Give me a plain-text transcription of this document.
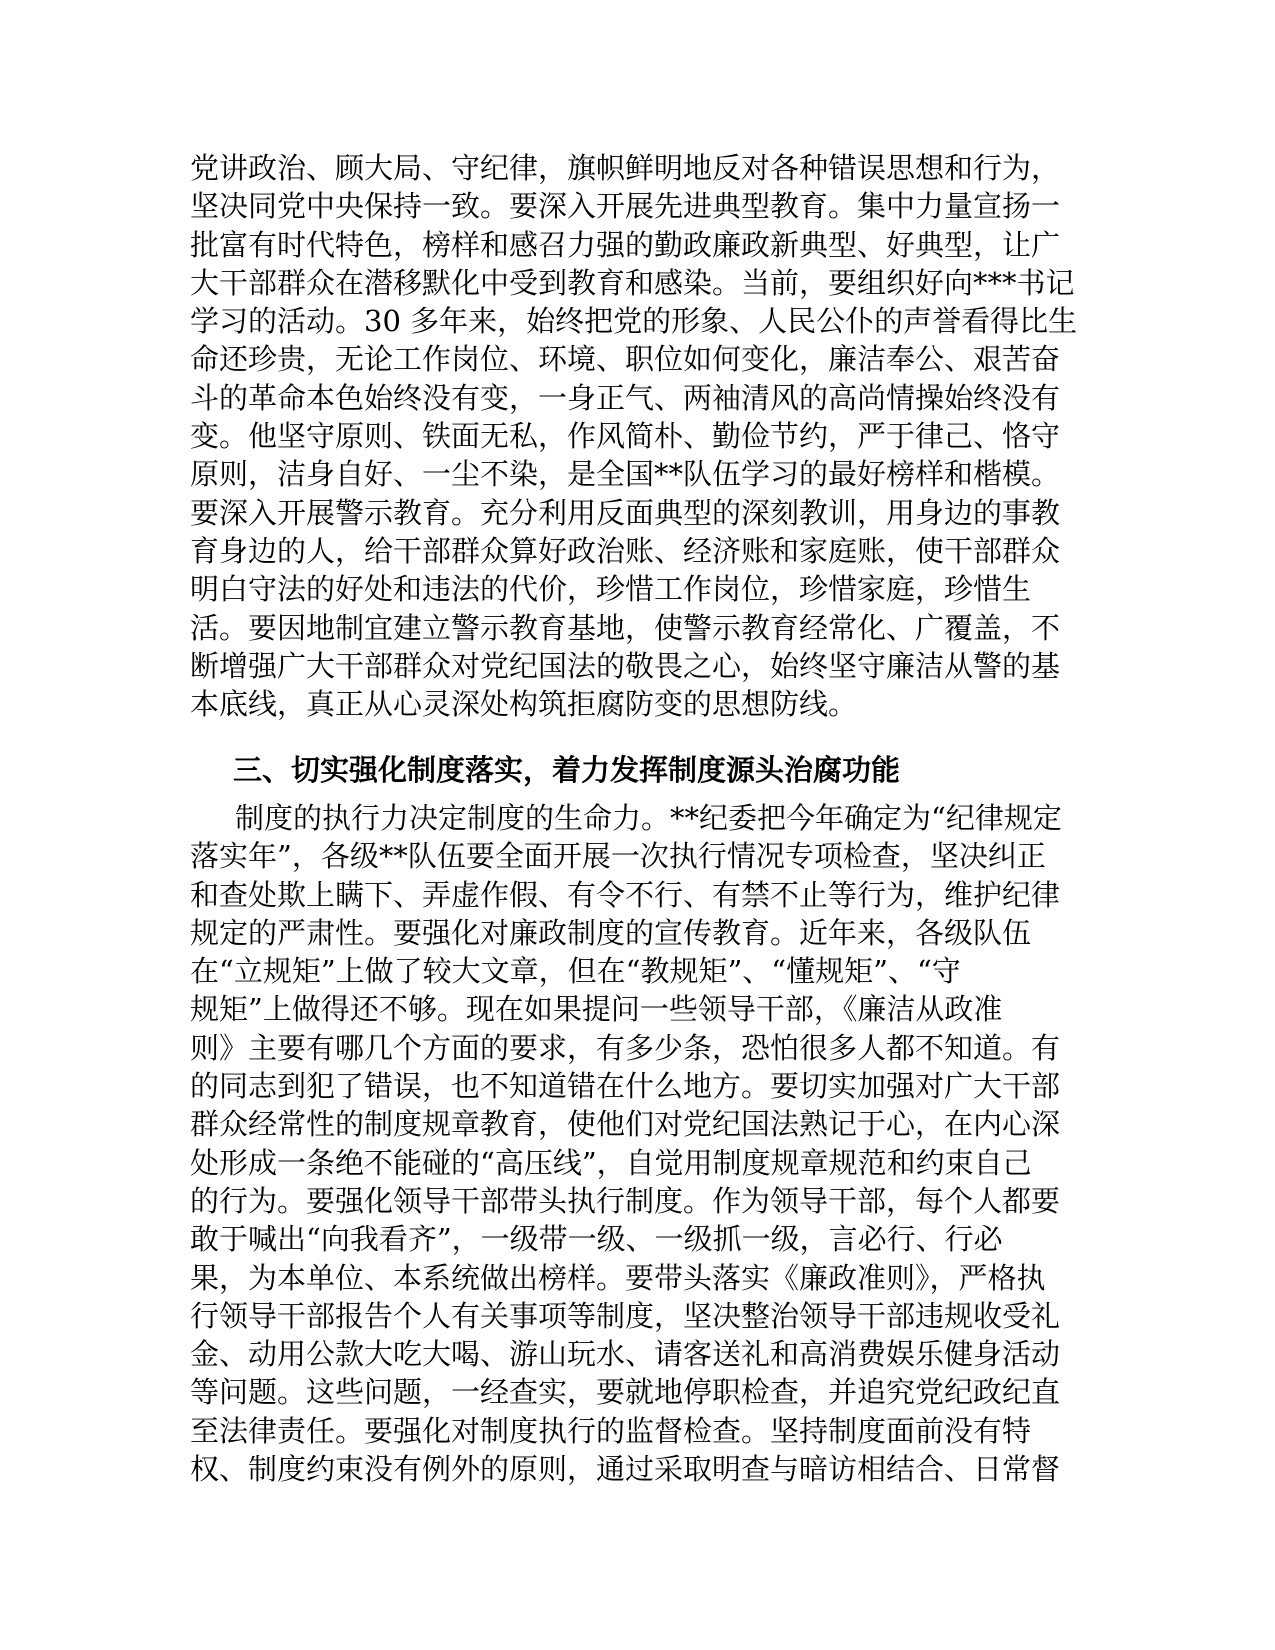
党讲政治、顾大局、守纪律，旗帜鲜明地反对各种错误思想和行为，
坚决同党中央保持一致。要深入开展先进典型教育。集中力量宣扬一
批富有时代特色，榜样和感召力强的勤政廉政新典型、好典型，让广
大干部群众在潜移默化中受到教育和感染。当前，要组织好向***书记
学习的活动。30 多年来，始终把党的形象、人民公仆的声誉看得比生
命还珍贵，无论工作岗位、环境、职位如何变化，廉洁奉公、艰苦奋
斗的革命本色始终没有变，一身正气、两袖清风的高尚情操始终没有
变。他坚守原则、铁面无私，作风简朴、勤俭节约，严于律己、恪守
原则，洁身自好、一尘不染，是全国**队伍学习的最好榜样和楷模。
要深入开展警示教育。充分利用反面典型的深刻教训，用身边的事教
育身边的人，给干部群众算好政治账、经济账和家庭账，使干部群众
明白守法的好处和违法的代价，珍惜工作岗位，珍惜家庭，珍惜生
活。要因地制宜建立警示教育基地，使警示教育经常化、广覆盖，不
断增强广大干部群众对党纪国法的敬畏之心，始终坚守廉洁从警的基
本底线，真正从心灵深处构筑拒腐防变的思想防线。
三、切实强化制度落实，着力发挥制度源头治腐功能
制度的执行力决定制度的生命力。**纪委把今年确定为“纪律规定
落实年”，各级**队伍要全面开展一次执行情况专项检查，坚决纠正
和查处欺上瞒下、弄虚作假、有令不行、有禁不止等行为，维护纪律
规定的严肃性。要强化对廉政制度的宣传教育。近年来，各级队伍
在“立规矩”上做了较大文章，但在“教规矩”、“懂规矩”、“守
规矩”上做得还不够。现在如果提问一些领导干部，《廉洁从政准
则》主要有哪几个方面的要求，有多少条，恐怕很多人都不知道。有
的同志到犯了错误，也不知道错在什么地方。要切实加强对广大干部
群众经常性的制度规章教育，使他们对党纪国法熟记于心，在内心深
处形成一条绝不能碰的“高压线”，自觉用制度规章规范和约束自己
的行为。要强化领导干部带头执行制度。作为领导干部，每个人都要
敢于喊出“向我看齐”，一级带一级、一级抓一级，言必行、行必
果，为本单位、本系统做出榜样。要带头落实《廉政准则》，严格执
行领导干部报告个人有关事项等制度，坚决整治领导干部违规收受礼
金、动用公款大吃大喝、游山玩水、请客送礼和高消费娱乐健身活动
等问题。这些问题，一经查实，要就地停职检查，并追究党纪政纪直
至法律责任。要强化对制度执行的监督检查。坚持制度面前没有特
权、制度约束没有例外的原则，通过采取明查与暗访相结合、日常督
